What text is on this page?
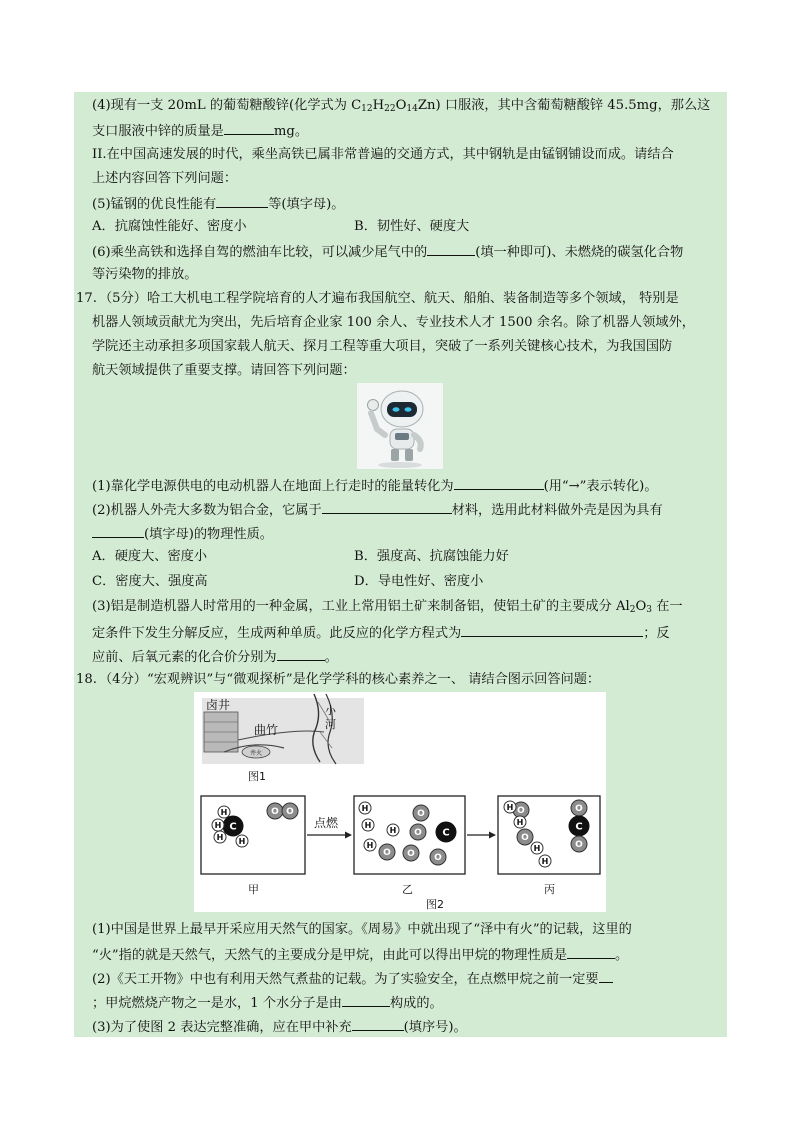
(4)现有一支 20mL 的葡萄糖酸锌(化学式为 $C_{12}H_{22}O_{14}Zn$) 口服液，其中含葡萄糖酸锌 45.5mg，那么这
支口服液中锌的质量是	mg。
II.在中国高速发展的时代，乘坐高铁已属非常普遍的交通方式，其中钢轨是由锰钢铺设而成。请结合
上述内容回答下列问题：
(5)锰钢的优良性能有	等(填字母)。
A．抗腐蚀性能好、密度小	B．韧性好、硬度大
(6)乘坐高铁和选择自驾的燃油车比较，可以减少尾气中的	(填一种即可)、未燃烧的碳氢化合物
等污染物的排放。
17. （5分）哈工大机电工程学院培育的人才遍布我国航空、航天、船舶、装备制造等多个领域， 特别是
机器人领域贡献尤为突出，先后培育企业家 100 余人、专业技术人才 1500 余名。除了机器人领域外，
学院还主动承担多项国家载人航天、探月工程等重大项目，突破了一系列关键核心技术，为我国国防
航天领域提供了重要支撑。请回答下列问题：
(1)靠化学电源供电的电动机器人在地面上行走时的能量转化为	(用“→”表示转化)。
(2)机器人外壳大多数为铝合金，它属于	材料，选用此材料做外壳是因为具有
(填字母)的物理性质。
A．硬度大、密度小	B．强度高、抗腐蚀能力好
C．密度大、强度高	D．导电性好、密度小
(3)铝是制造机器人时常用的一种金属，工业上常用铝土矿来制备铝，使铝土矿的主要成分 $Al_2O_3$ 在一
定条件下发生分解反应，生成两种单质。此反应的化学方程式为	；反
应前、后氧元素的化合价分别为	。
18. （4分）“宏观辨识”与“微观探析”是化学学科的核心素养之一、 请结合图示回答问题：
卤井
曲竹
小
河
井火
图1
点燃
H
C
H
H H
O O	H
H
H
H
O
O
O O O
C
O
H
H
O
H
H
O
C
O
甲	乙	丙
图2
(1)中国是世界上最早开采应用天然气的国家。《周易》中就出现了“泽中有火”的记载，这里的
“火”指的就是天然气，天然气的主要成分是甲烷，由此可以得出甲烷的物理性质是	。
(2)《天工开物》中也有利用天然气煮盐的记载。为了实验安全，在点燃甲烷之前一定要
；甲烷燃烧产物之一是水，1 个水分子是由	构成的。
(3)为了使图 2 表达完整准确，应在甲中补充	(填序号)。
